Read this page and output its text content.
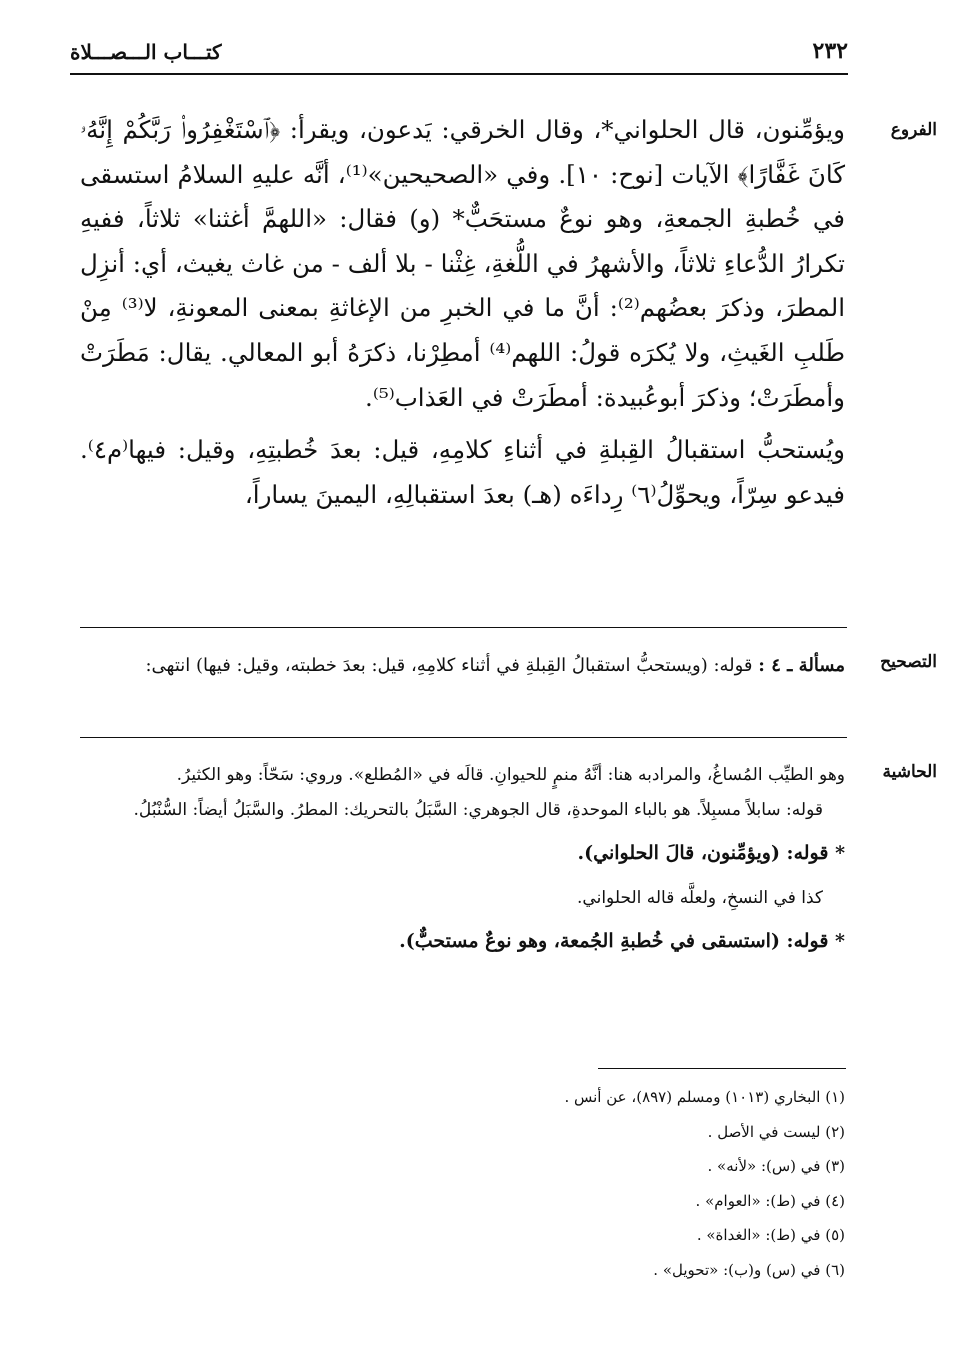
٢٣٢
كتـــاب الـــصـــلاة
الفروع

ويؤمِّنون، قال الحلواني*، وقال الخرقي: يَدعون، ويقرأ: ﴿ٱسْتَغْفِرُوا۟ رَبَّكُمْ إِنَّهُۥ كَانَ غَفَّارًا﴾ الآيات [نوح: ١٠]. وفي «الصحيحين»⁽¹⁾، أنَّه عليهِ السلامُ استسقى في خُطبةِ الجمعةِ، وهو نوعٌ مستحَبٌّ* (و) فقال: «اللهمَّ أغثنا» ثلاثاً، ففيهِ تكرارُ الدُّعاءِ ثلاثاً، والأشهرُ في اللُّغةِ، غِثْنا - بلا ألف - من غاث يغيث، أي: أنزِل المطرَ، وذكرَ بعضُهم⁽²⁾: أنَّ ما في الخبرِ من الإغاثةِ بمعنى المعونةِ، لا⁽³⁾ مِنْ طَلبِ الغَيثِ، ولا يُكرَه قولُ: اللهم⁽⁴⁾ أمطِرْنا، ذكرَهُ أبو المعالي. يقال: مَطَرَتْ وأمطَرَتْ؛ وذكرَ أبوعُبيدة: أمطَرَتْ في العَذاب⁽⁵⁾.

ويُستحبُّ استقبالُ القِبلةِ في أثناءِ كلامِهِ، قيل: بعدَ خُطبتِهِ، وقيل: فيها⁽م٤⁾. فيدعو سِرّاً، ويحوِّلُ⁽٦⁾ رِداءَه (هـ) بعدَ استقبالِهِ، اليمينَ يساراً،

التصحيح

مسألة ـ ٤ : قوله: (ويستحبُّ استقبالُ القِبلةِ في أثناء كلامِهِ، قيل: بعدَ خطبته، وقيل: فيها) انتهى:

الحاشية

وهو الطيِّب المُساغُ، والمرادبه هنا: أنَّهُ منمٍ للحيوانِ. قالَه في «المُطلع». وروي: سَحّاً: وهو الكثيرُ.

قوله: سابلاً مسبِلاً. هو بالباء الموحدةِ، قال الجوهري: السَّبَلُ بالتحريك: المطرُ. والسَّبَلُ أيضاً: السُّنْبُلُ.

* قوله: (ويؤمِّنون، قالَ الحلواني).

كذا في النسخِ، ولعلَّه قاله الحلواني.

* قوله: (استسقى في خُطبةِ الجُمعة، وهو نوعٌ مستحبٌّ).

(١) البخاري (١٠١٣) ومسلم (٨٩٧)، عن أنس .
(٢) ليست في الأصل .
(٣) في (س): «لأنه» .
(٤) في (ط): «العوام» .
(٥) في (ط): «الغداة» .
(٦) في (س) و(ب): «تحويل» .
